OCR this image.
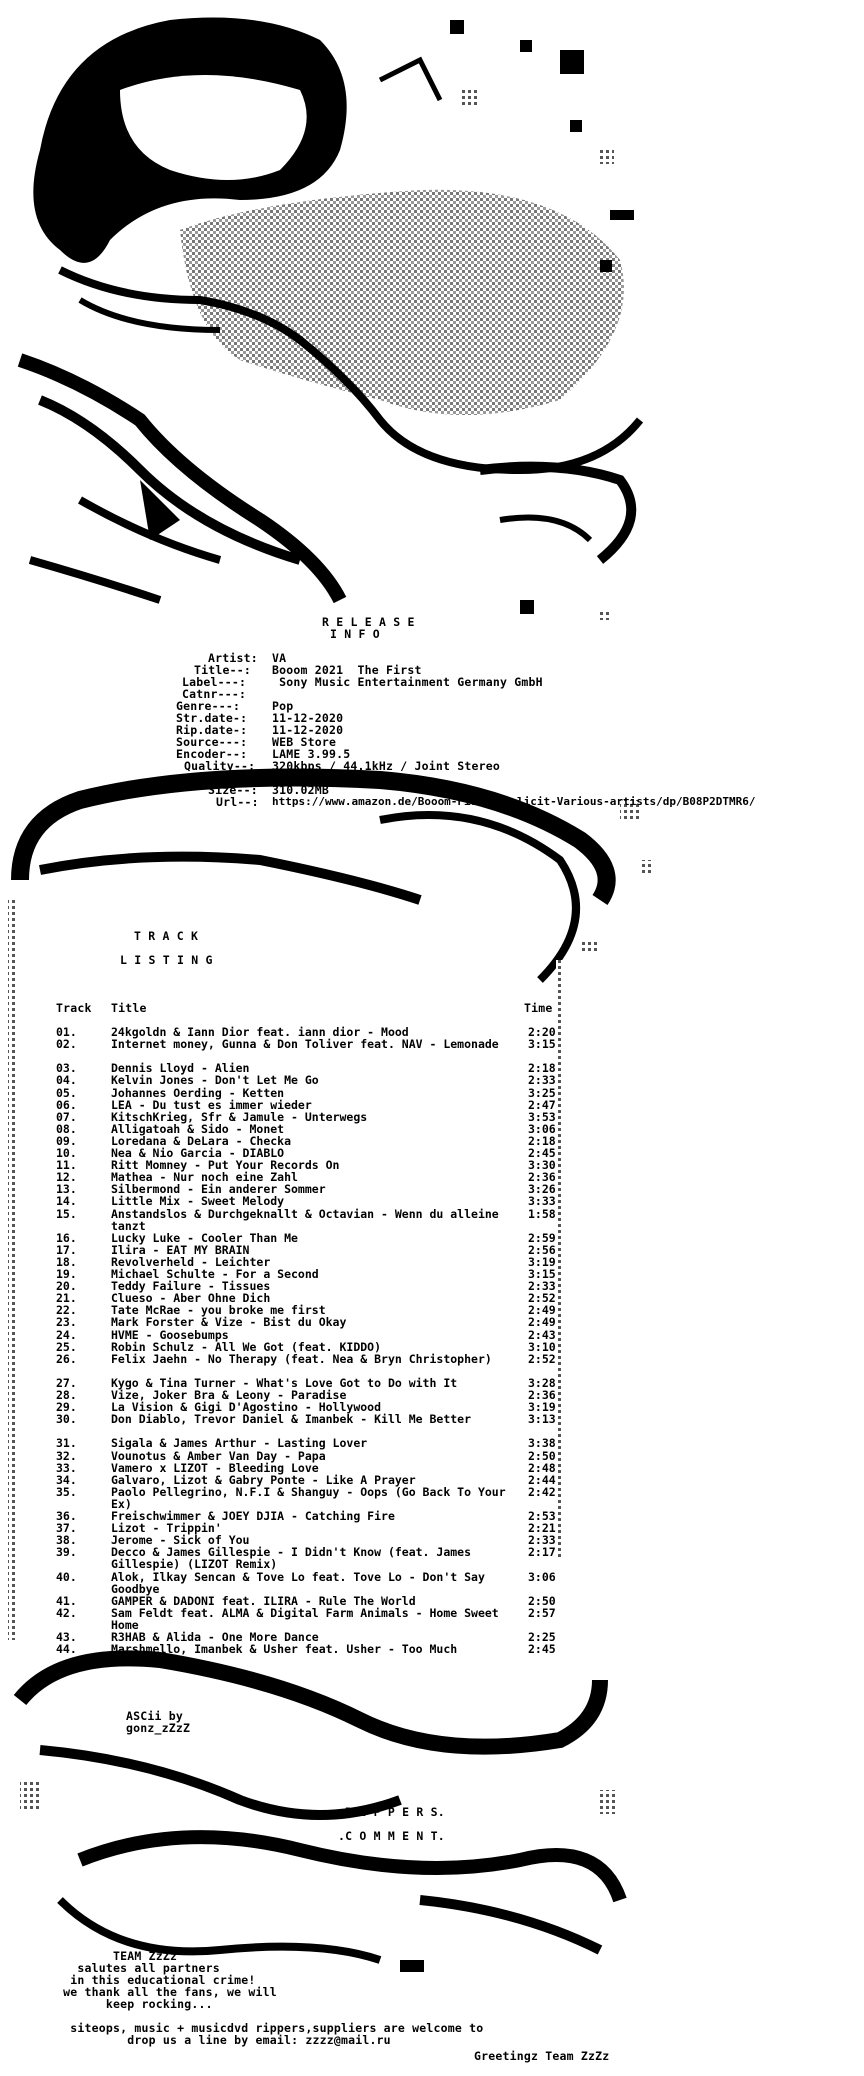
R E L E A S E
I N F O
Artist: VA
Title--: Booom 2021  The First
Label---: Sony Music Entertainment Germany GmbH
Catnr---:
Genre---:	Pop
Str.date-: 11-12-2020
Rip.date-: 11-12-2020
Source---: WEB Store
Encoder--: LAME 3.99.5
Quality--: 320kbps / 44.1kHz / Joint Stereo
Tracks--: 44
Size--: 310.02MB
Url--: https://www.amazon.de/Booom-First-Explicit-Various-artists/dp/B08P2DTMR6/
T R A C K
L I S T I N G
Track Title	Time
01.	24kgoldn & Iann Dior feat. iann dior - Mood	2:20
02.	Internet money, Gunna & Don Toliver feat. NAV - Lemonade	3:15
03.	Dennis Lloyd - Alien	2:18
04.	Kelvin Jones - Don't Let Me Go	2:33
05.	Johannes Oerding - Ketten	3:25
06.	LEA - Du tust es immer wieder	2:47
07.	KitschKrieg, Sfr & Jamule - Unterwegs	3:53
08.	Alligatoah & Sido - Monet	3:06
09.	Loredana & DeLara - Checka	2:18
10.	Nea & Nio Garcia - DIABLO	2:45
11.	Ritt Momney - Put Your Records On	3:30
12.	Mathea - Nur noch eine Zahl	2:36
13.	Silbermond - Ein anderer Sommer	3:26
14.	Little Mix - Sweet Melody	3:33
15.	Anstandslos & Durchgeknallt & Octavian - Wenn du alleine tanzt
1:58
16.	Lucky Luke - Cooler Than Me	2:59
17.	Ilira - EAT MY BRAIN	2:56
18.	Revolverheld - Leichter	3:19
19.	Michael Schulte - For a Second	3:15
20.	Teddy Failure - Tissues	2:33
21.	Clueso - Aber Ohne Dich	2:52
22.	Tate McRae - you broke me first	2:49
23.	Mark Forster & Vize - Bist du Okay	2:49
24.	HVME - Goosebumps	2:43
25.	Robin Schulz - All We Got (feat. KIDDO)	3:10
26.	Felix Jaehn - No Therapy (feat. Nea & Bryn Christopher)	2:52
27.	Kygo & Tina Turner - What's Love Got to Do with It	3:28
28.	Vize, Joker Bra & Leony - Paradise	2:36
29.	La Vision & Gigi D'Agostino - Hollywood	3:19
30.	Don Diablo, Trevor Daniel & Imanbek - Kill Me Better	3:13
31.	Sigala & James Arthur - Lasting Lover	3:38
32.	Vounotus & Amber Van Day - Papa	2:50
33.	Vamero x LIZOT - Bleeding Love	2:48
34.	Galvaro, Lizot & Gabry Ponte - Like A Prayer	2:44
35.	Paolo Pellegrino, N.F.I & Shanguy - Oops (Go Back To Your Ex)
2:42
36.	Freischwimmer & JOEY DJIA - Catching Fire	2:53
37.	Lizot - Trippin'	2:21
38.	Jerome - Sick of You	2:33
39.	Decco & James Gillespie - I Didn't Know (feat. James Gillespie) (LIZOT Remix)
2:17
40.	Alok, Ilkay Sencan & Tove Lo feat. Tove Lo - Don't Say Goodbye
3:06
41.	GAMPER & DADONI feat. ILIRA - Rule The World	2:50
42.	Sam Feldt feat. ALMA & Digital Farm Animals - Home Sweet Home
2:57
43.	R3HAB & Alida - One More Dance	2:25
44.	Marshmello, Imanbek & Usher feat. Usher - Too Much	2:45
ASCii by
gonz_zZzZ
.R I P P E R S.
.C O M M E N T.
TEAM ZzZz
salutes all partners
in this educational crime!
we thank all the fans, we will
keep rocking...
siteops, music + musicdvd rippers,suppliers are welcome to
drop us a line by email: zzzz@mail.ru
Greetingz Team ZzZz
